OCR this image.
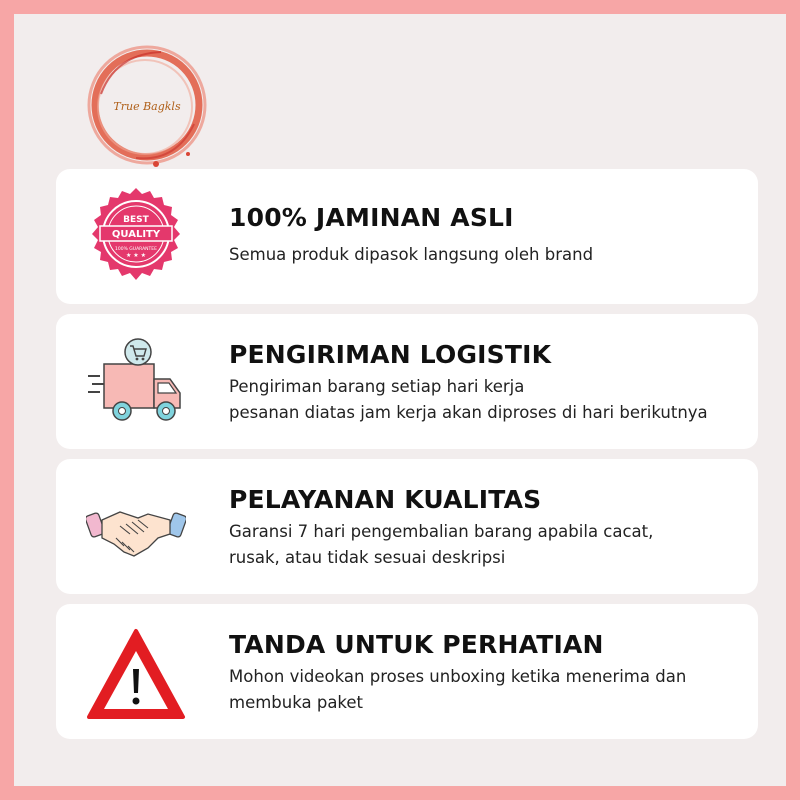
True Bagkls
BEST
QUALITY
100% GUARANTEE
★ ★ ★
100% JAMINAN ASLI
Semua produk dipasok langsung oleh brand
PENGIRIMAN LOGISTIK
Pengiriman barang setiap hari kerja
pesanan diatas jam kerja akan diproses di hari berikutnya
PELAYANAN KUALITAS
Garansi 7 hari pengembalian barang apabila cacat,
rusak, atau tidak sesuai deskripsi
TANDA UNTUK PERHATIAN
Mohon videokan proses unboxing ketika menerima dan
membuka paket
